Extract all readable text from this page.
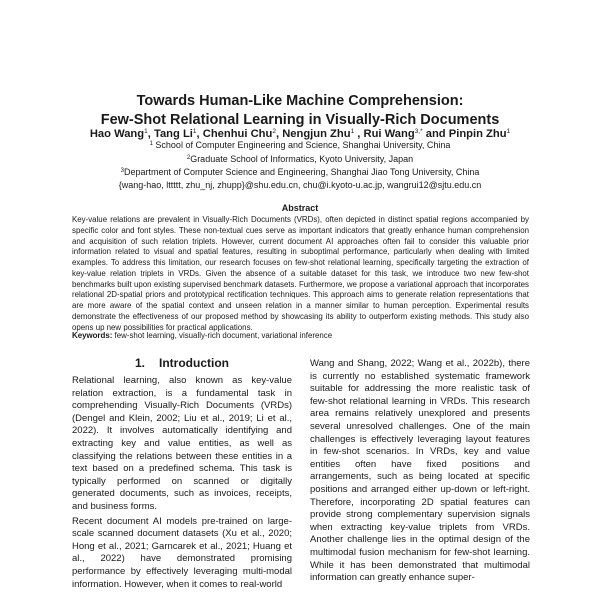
Towards Human-Like Machine Comprehension:
Few-Shot Relational Learning in Visually-Rich Documents
Hao Wang$^1$, Tang Li$^1$, Chenhui Chu$^2$, Nengjun Zhu$^1$ , Rui Wang$^{3,*}$ and Pinpin Zhu$^1$
$^1$ School of Computer Engineering and Science, Shanghai University, China
$^2$Graduate School of Informatics, Kyoto University, Japan
$^3$Department of Computer Science and Engineering, Shanghai Jiao Tong University, China
{wang-hao, lttttt, zhu_nj, zhupp}@shu.edu.cn, chu@i.kyoto-u.ac.jp, wangrui12@sjtu.edu.cn
Abstract
Key-value relations are prevalent in Visually-Rich Documents (VRDs), often depicted in distinct spatial regions accompanied by specific color and font styles. These non-textual cues serve as important indicators that greatly enhance human comprehension and acquisition of such relation triplets. However, current document AI approaches often fail to consider this valuable prior information related to visual and spatial features, resulting in suboptimal performance, particularly when dealing with limited examples. To address this limitation, our research focuses on few-shot relational learning, specifically targeting the extraction of key-value relation triplets in VRDs. Given the absence of a suitable dataset for this task, we introduce two new few-shot benchmarks built upon existing supervised benchmark datasets. Furthermore, we propose a variational approach that incorporates relational 2D-spatial priors and prototypical rectification techniques. This approach aims to generate relation representations that are more aware of the spatial context and unseen relation in a manner similar to human perception. Experimental results demonstrate the effectiveness of our proposed method by showcasing its ability to outperform existing methods. This study also opens up new possibilities for practical applications.
Keywords: few-shot learning, visually-rich document, variational inference
1. Introduction

Relational learning, also known as key-value relation extraction, is a fundamental task in comprehending Visually-Rich Documents (VRDs) (Dengel and Klein, 2002; Liu et al., 2019; Li et al., 2022). It involves automatically identifying and extracting key and value entities, as well as classifying the relations between these entities in a text based on a predefined schema. This task is typically performed on scanned or digitally generated documents, such as invoices, receipts, and business forms.

Recent document AI models pre-trained on large-scale scanned document datasets (Xu et al., 2020; Hong et al., 2021; Garncarek et al., 2021; Huang et al., 2022) have demonstrated promising performance by effectively leveraging multi-modal information. However, when it comes to real-world

Wang and Shang, 2022; Wang et al., 2022b), there is currently no established systematic framework suitable for addressing the more realistic task of few-shot relational learning in VRDs. This research area remains relatively unexplored and presents several unresolved challenges. One of the main challenges is effectively leveraging layout features in few-shot scenarios. In VRDs, key and value entities often have fixed positions and arrangements, such as being located at specific positions and arranged either up-down or left-right. Therefore, incorporating 2D spatial features can provide strong complementary supervision signals when extracting key-value triplets from VRDs. Another challenge lies in the optimal design of the multimodal fusion mechanism for few-shot learning. While it has been demonstrated that multimodal information can greatly enhance super-
